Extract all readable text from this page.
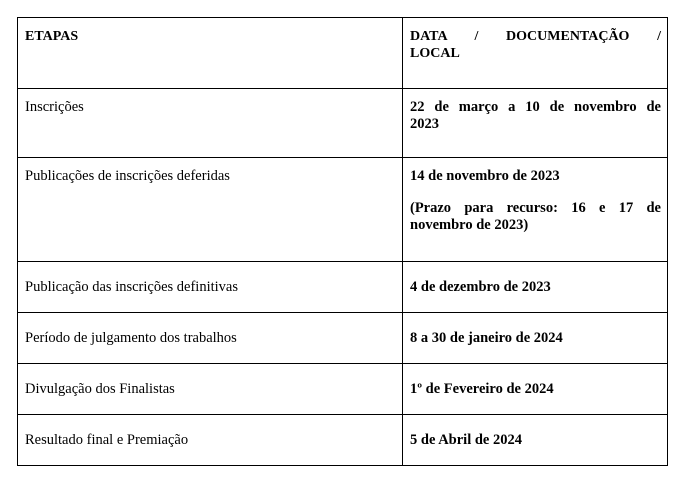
ETAPAS	DATA / DOCUMENTAÇÃO /
LOCAL

Inscrições	22 de março a 10 de novembro de
2023

Publicações de inscrições deferidas	14 de novembro de 2023
(Prazo para recurso: 16 e 17 de
novembro de 2023)

Publicação das inscrições definitivas	4 de dezembro de 2023

Período de julgamento dos trabalhos	8 a 30 de janeiro de 2024

Divulgação dos Finalistas	1º de Fevereiro de 2024

Resultado final e Premiação	5 de Abril de 2024
